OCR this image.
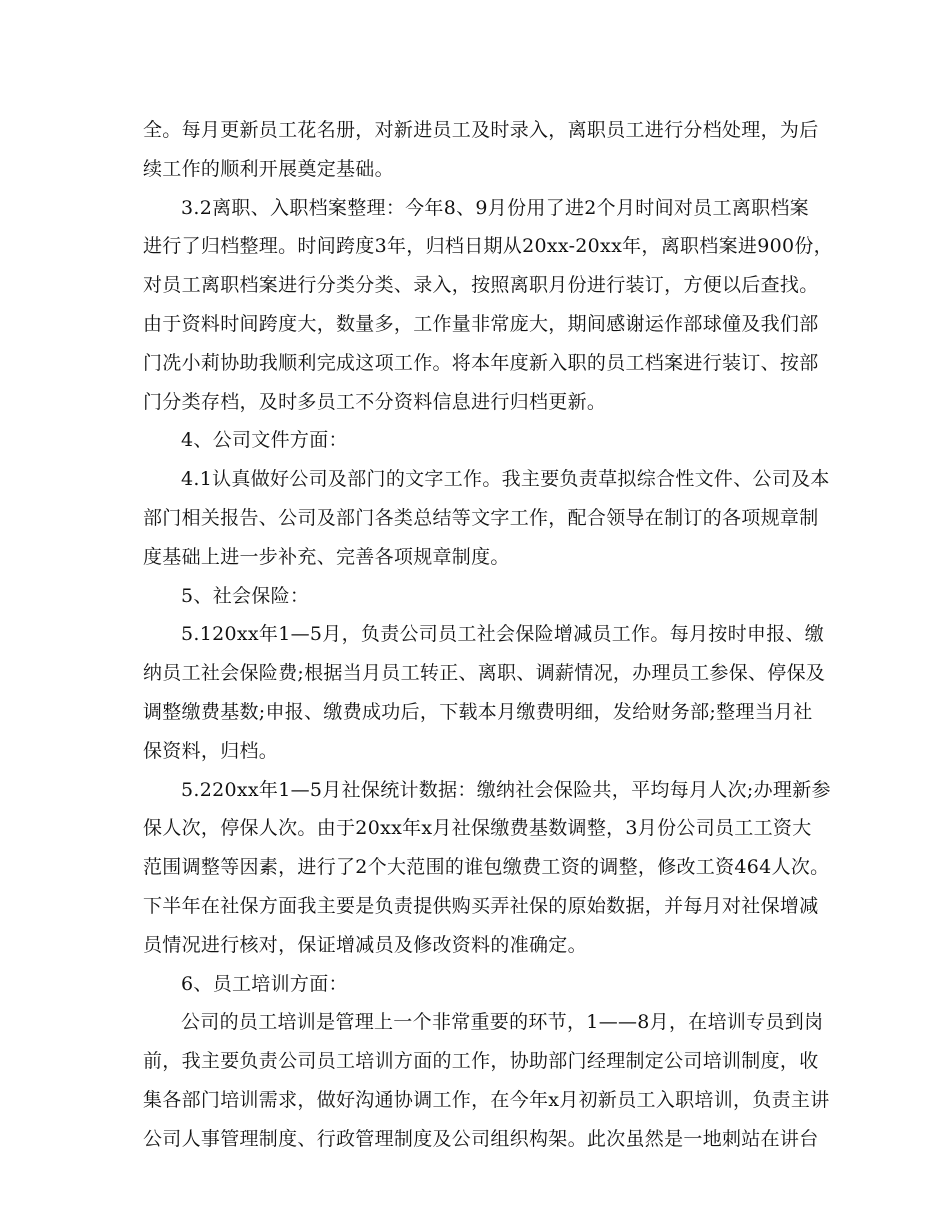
全。每月更新员工花名册，对新进员工及时录入，离职员工进行分档处理，为后
续工作的顺利开展奠定基础。
3.2离职、入职档案整理：今年8、9月份用了进2个月时间对员工离职档案
进行了归档整理。时间跨度3年，归档日期从20xx-20xx年，离职档案进900份，
对员工离职档案进行分类分类、录入，按照离职月份进行装订，方便以后查找。
由于资料时间跨度大，数量多，工作量非常庞大，期间感谢运作部球僮及我们部
门冼小莉协助我顺利完成这项工作。将本年度新入职的员工档案进行装订、按部
门分类存档，及时多员工不分资料信息进行归档更新。
4、公司文件方面：
4.1认真做好公司及部门的文字工作。我主要负责草拟综合性文件、公司及本
部门相关报告、公司及部门各类总结等文字工作，配合领导在制订的各项规章制
度基础上进一步补充、完善各项规章制度。
5、社会保险：
5.120xx年1—5月，负责公司员工社会保险增减员工作。每月按时申报、缴
纳员工社会保险费;根据当月员工转正、离职、调薪情况，办理员工参保、停保及
调整缴费基数;申报、缴费成功后，下载本月缴费明细，发给财务部;整理当月社
保资料，归档。
5.220xx年1—5月社保统计数据：缴纳社会保险共，平均每月人次;办理新参
保人次，停保人次。由于20xx年x月社保缴费基数调整，3月份公司员工工资大
范围调整等因素，进行了2个大范围的谁包缴费工资的调整，修改工资464人次。
下半年在社保方面我主要是负责提供购买弄社保的原始数据，并每月对社保增减
员情况进行核对，保证增减员及修改资料的准确定。
6、员工培训方面：
公司的员工培训是管理上一个非常重要的环节，1——8月，在培训专员到岗
前，我主要负责公司员工培训方面的工作，协助部门经理制定公司培训制度，收
集各部门培训需求，做好沟通协调工作，在今年x月初新员工入职培训，负责主讲
公司人事管理制度、行政管理制度及公司组织构架。此次虽然是一地刺站在讲台
